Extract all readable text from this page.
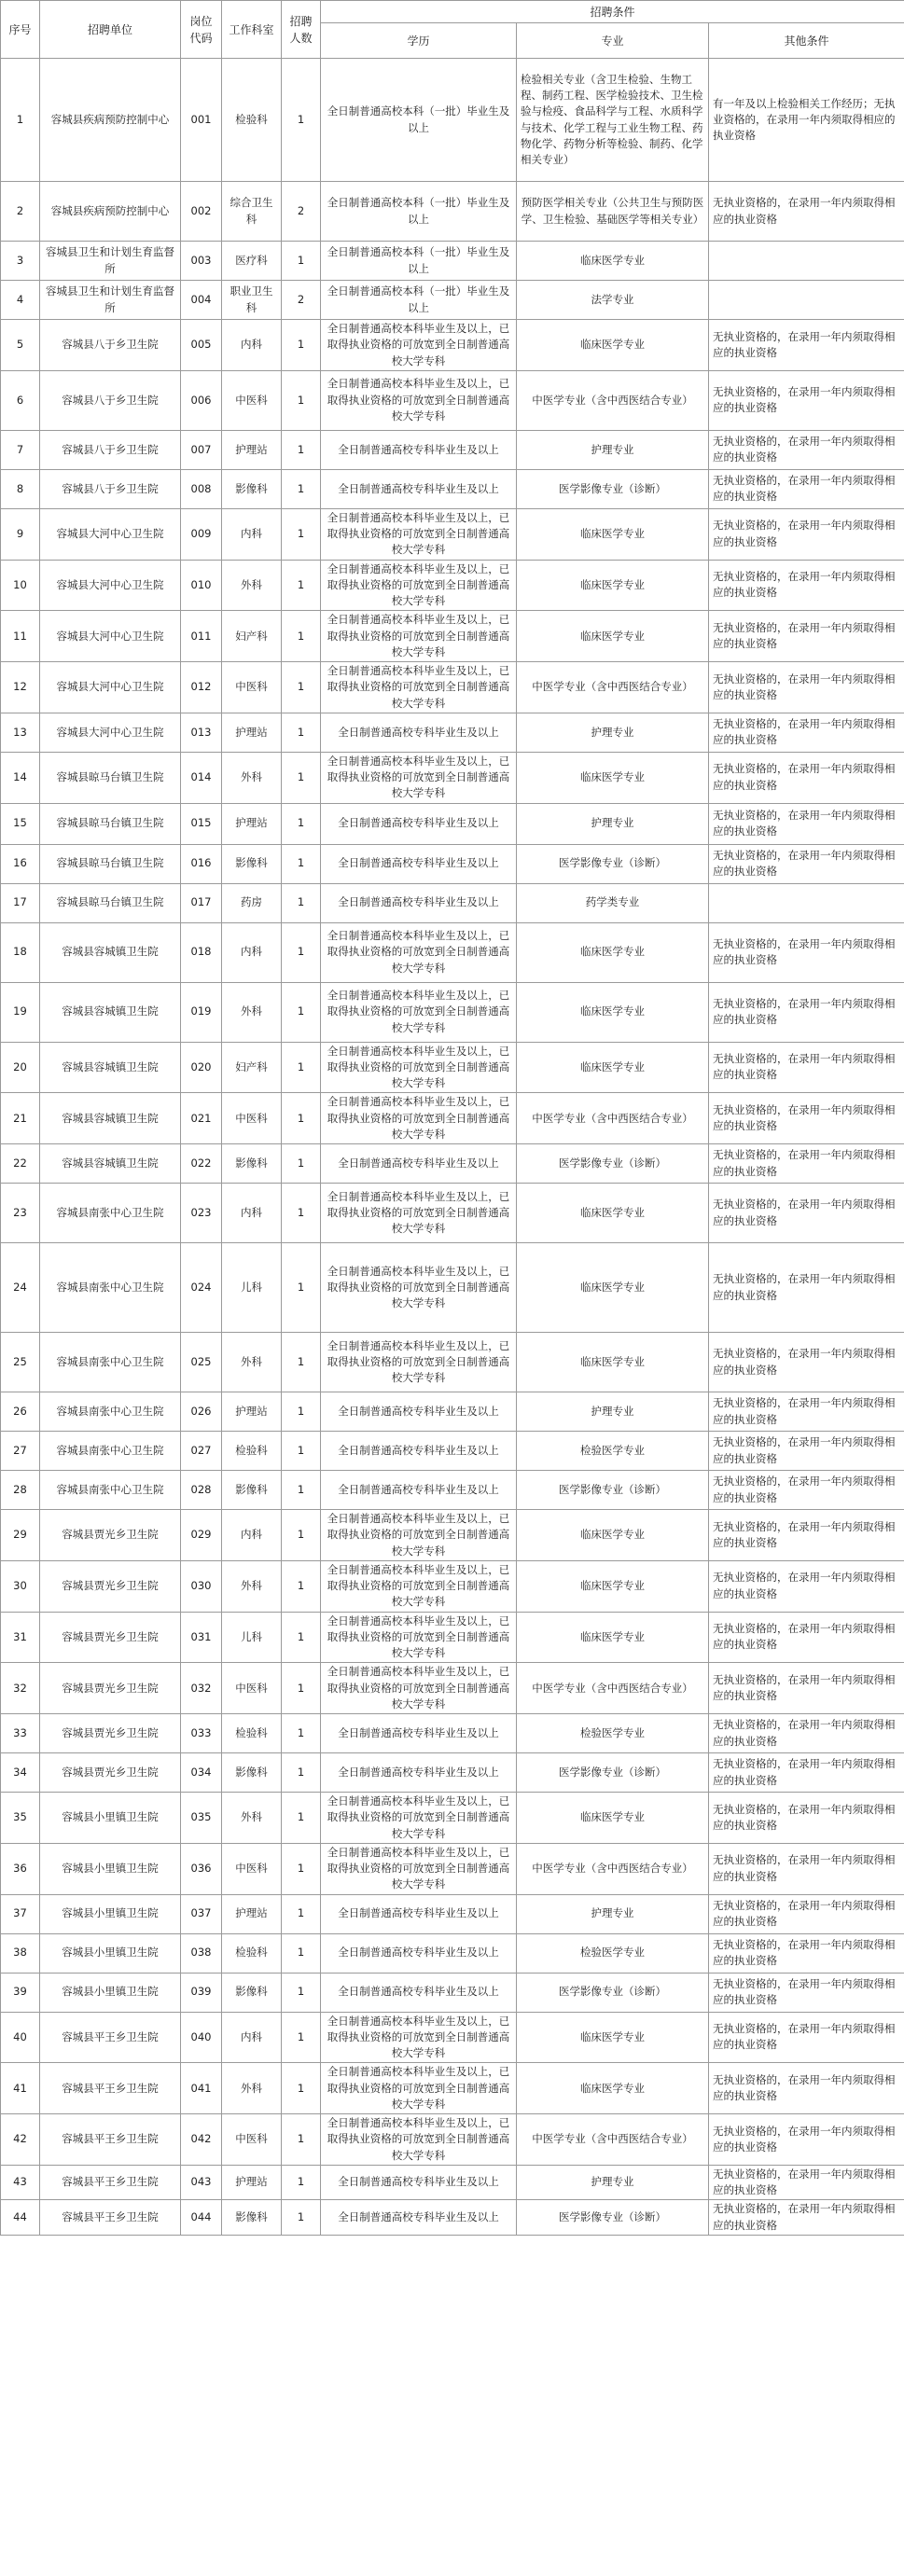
序号	招聘单位	岗位代码	工作科室	招聘人数	招聘条件		
					学历	专业	其他条件
1	容城县疾病预防控制中心	001	检验科	1	全日制普通高校本科（一批）毕业生及以上	检验相关专业（含卫生检验、生物工程、制药工程、医学检验技术、卫生检验与检疫、食品科学与工程、水质科学与技术、化学工程与工业生物工程、药物化学、药物分析等检验、制药、化学相关专业）	有一年及以上检验相关工作经历；无执业资格的，在录用一年内须取得相应的执业资格
2	容城县疾病预防控制中心	002	综合卫生科	2	全日制普通高校本科（一批）毕业生及以上	预防医学相关专业（公共卫生与预防医学、卫生检验、基础医学等相关专业）	无执业资格的，在录用一年内须取得相应的执业资格
3	容城县卫生和计划生育监督所	003	医疗科	1	全日制普通高校本科（一批）毕业生及以上	临床医学专业	
4	容城县卫生和计划生育监督所	004	职业卫生科	2	全日制普通高校本科（一批）毕业生及以上	法学专业	
5	容城县八于乡卫生院	005	内科	1	全日制普通高校本科毕业生及以上，已取得执业资格的可放宽到全日制普通高校大学专科	临床医学专业	无执业资格的，在录用一年内须取得相应的执业资格
6	容城县八于乡卫生院	006	中医科	1	全日制普通高校本科毕业生及以上，已取得执业资格的可放宽到全日制普通高校大学专科	中医学专业（含中西医结合专业）	无执业资格的，在录用一年内须取得相应的执业资格
7	容城县八于乡卫生院	007	护理站	1	全日制普通高校专科毕业生及以上	护理专业	无执业资格的，在录用一年内须取得相应的执业资格
8	容城县八于乡卫生院	008	影像科	1	全日制普通高校专科毕业生及以上	医学影像专业（诊断）	无执业资格的，在录用一年内须取得相应的执业资格
9	容城县大河中心卫生院	009	内科	1	全日制普通高校本科毕业生及以上，已取得执业资格的可放宽到全日制普通高校大学专科	临床医学专业	无执业资格的，在录用一年内须取得相应的执业资格
10	容城县大河中心卫生院	010	外科	1	全日制普通高校本科毕业生及以上，已取得执业资格的可放宽到全日制普通高校大学专科	临床医学专业	无执业资格的，在录用一年内须取得相应的执业资格
11	容城县大河中心卫生院	011	妇产科	1	全日制普通高校本科毕业生及以上，已取得执业资格的可放宽到全日制普通高校大学专科	临床医学专业	无执业资格的，在录用一年内须取得相应的执业资格
12	容城县大河中心卫生院	012	中医科	1	全日制普通高校本科毕业生及以上，已取得执业资格的可放宽到全日制普通高校大学专科	中医学专业（含中西医结合专业）	无执业资格的，在录用一年内须取得相应的执业资格
13	容城县大河中心卫生院	013	护理站	1	全日制普通高校专科毕业生及以上	护理专业	无执业资格的，在录用一年内须取得相应的执业资格
14	容城县晾马台镇卫生院	014	外科	1	全日制普通高校本科毕业生及以上，已取得执业资格的可放宽到全日制普通高校大学专科	临床医学专业	无执业资格的，在录用一年内须取得相应的执业资格
15	容城县晾马台镇卫生院	015	护理站	1	全日制普通高校专科毕业生及以上	护理专业	无执业资格的，在录用一年内须取得相应的执业资格
16	容城县晾马台镇卫生院	016	影像科	1	全日制普通高校专科毕业生及以上	医学影像专业（诊断）	无执业资格的，在录用一年内须取得相应的执业资格
17	容城县晾马台镇卫生院	017	药房	1	全日制普通高校专科毕业生及以上	药学类专业	
18	容城县容城镇卫生院	018	内科	1	全日制普通高校本科毕业生及以上，已取得执业资格的可放宽到全日制普通高校大学专科	临床医学专业	无执业资格的，在录用一年内须取得相应的执业资格
19	容城县容城镇卫生院	019	外科	1	全日制普通高校本科毕业生及以上，已取得执业资格的可放宽到全日制普通高校大学专科	临床医学专业	无执业资格的，在录用一年内须取得相应的执业资格
20	容城县容城镇卫生院	020	妇产科	1	全日制普通高校本科毕业生及以上，已取得执业资格的可放宽到全日制普通高校大学专科	临床医学专业	无执业资格的，在录用一年内须取得相应的执业资格
21	容城县容城镇卫生院	021	中医科	1	全日制普通高校本科毕业生及以上，已取得执业资格的可放宽到全日制普通高校大学专科	中医学专业（含中西医结合专业）	无执业资格的，在录用一年内须取得相应的执业资格
22	容城县容城镇卫生院	022	影像科	1	全日制普通高校专科毕业生及以上	医学影像专业（诊断）	无执业资格的，在录用一年内须取得相应的执业资格
23	容城县南张中心卫生院	023	内科	1	全日制普通高校本科毕业生及以上，已取得执业资格的可放宽到全日制普通高校大学专科	临床医学专业	无执业资格的，在录用一年内须取得相应的执业资格
24	容城县南张中心卫生院	024	儿科	1	全日制普通高校本科毕业生及以上，已取得执业资格的可放宽到全日制普通高校大学专科	临床医学专业	无执业资格的，在录用一年内须取得相应的执业资格
25	容城县南张中心卫生院	025	外科	1	全日制普通高校本科毕业生及以上，已取得执业资格的可放宽到全日制普通高校大学专科	临床医学专业	无执业资格的，在录用一年内须取得相应的执业资格
26	容城县南张中心卫生院	026	护理站	1	全日制普通高校专科毕业生及以上	护理专业	无执业资格的，在录用一年内须取得相应的执业资格
27	容城县南张中心卫生院	027	检验科	1	全日制普通高校专科毕业生及以上	检验医学专业	无执业资格的，在录用一年内须取得相应的执业资格
28	容城县南张中心卫生院	028	影像科	1	全日制普通高校专科毕业生及以上	医学影像专业（诊断）	无执业资格的，在录用一年内须取得相应的执业资格
29	容城县贾光乡卫生院	029	内科	1	全日制普通高校本科毕业生及以上，已取得执业资格的可放宽到全日制普通高校大学专科	临床医学专业	无执业资格的，在录用一年内须取得相应的执业资格
30	容城县贾光乡卫生院	030	外科	1	全日制普通高校本科毕业生及以上，已取得执业资格的可放宽到全日制普通高校大学专科	临床医学专业	无执业资格的，在录用一年内须取得相应的执业资格
31	容城县贾光乡卫生院	031	儿科	1	全日制普通高校本科毕业生及以上，已取得执业资格的可放宽到全日制普通高校大学专科	临床医学专业	无执业资格的，在录用一年内须取得相应的执业资格
32	容城县贾光乡卫生院	032	中医科	1	全日制普通高校本科毕业生及以上，已取得执业资格的可放宽到全日制普通高校大学专科	中医学专业（含中西医结合专业）	无执业资格的，在录用一年内须取得相应的执业资格
33	容城县贾光乡卫生院	033	检验科	1	全日制普通高校专科毕业生及以上	检验医学专业	无执业资格的，在录用一年内须取得相应的执业资格
34	容城县贾光乡卫生院	034	影像科	1	全日制普通高校专科毕业生及以上	医学影像专业（诊断）	无执业资格的，在录用一年内须取得相应的执业资格
35	容城县小里镇卫生院	035	外科	1	全日制普通高校本科毕业生及以上，已取得执业资格的可放宽到全日制普通高校大学专科	临床医学专业	无执业资格的，在录用一年内须取得相应的执业资格
36	容城县小里镇卫生院	036	中医科	1	全日制普通高校本科毕业生及以上，已取得执业资格的可放宽到全日制普通高校大学专科	中医学专业（含中西医结合专业）	无执业资格的，在录用一年内须取得相应的执业资格
37	容城县小里镇卫生院	037	护理站	1	全日制普通高校专科毕业生及以上	护理专业	无执业资格的，在录用一年内须取得相应的执业资格
38	容城县小里镇卫生院	038	检验科	1	全日制普通高校专科毕业生及以上	检验医学专业	无执业资格的，在录用一年内须取得相应的执业资格
39	容城县小里镇卫生院	039	影像科	1	全日制普通高校专科毕业生及以上	医学影像专业（诊断）	无执业资格的，在录用一年内须取得相应的执业资格
40	容城县平王乡卫生院	040	内科	1	全日制普通高校本科毕业生及以上，已取得执业资格的可放宽到全日制普通高校大学专科	临床医学专业	无执业资格的，在录用一年内须取得相应的执业资格
41	容城县平王乡卫生院	041	外科	1	全日制普通高校本科毕业生及以上，已取得执业资格的可放宽到全日制普通高校大学专科	临床医学专业	无执业资格的，在录用一年内须取得相应的执业资格
42	容城县平王乡卫生院	042	中医科	1	全日制普通高校本科毕业生及以上，已取得执业资格的可放宽到全日制普通高校大学专科	中医学专业（含中西医结合专业）	无执业资格的，在录用一年内须取得相应的执业资格
43	容城县平王乡卫生院	043	护理站	1	全日制普通高校专科毕业生及以上	护理专业	无执业资格的，在录用一年内须取得相应的执业资格
44	容城县平王乡卫生院	044	影像科	1	全日制普通高校专科毕业生及以上	医学影像专业（诊断）	无执业资格的，在录用一年内须取得相应的执业资格
